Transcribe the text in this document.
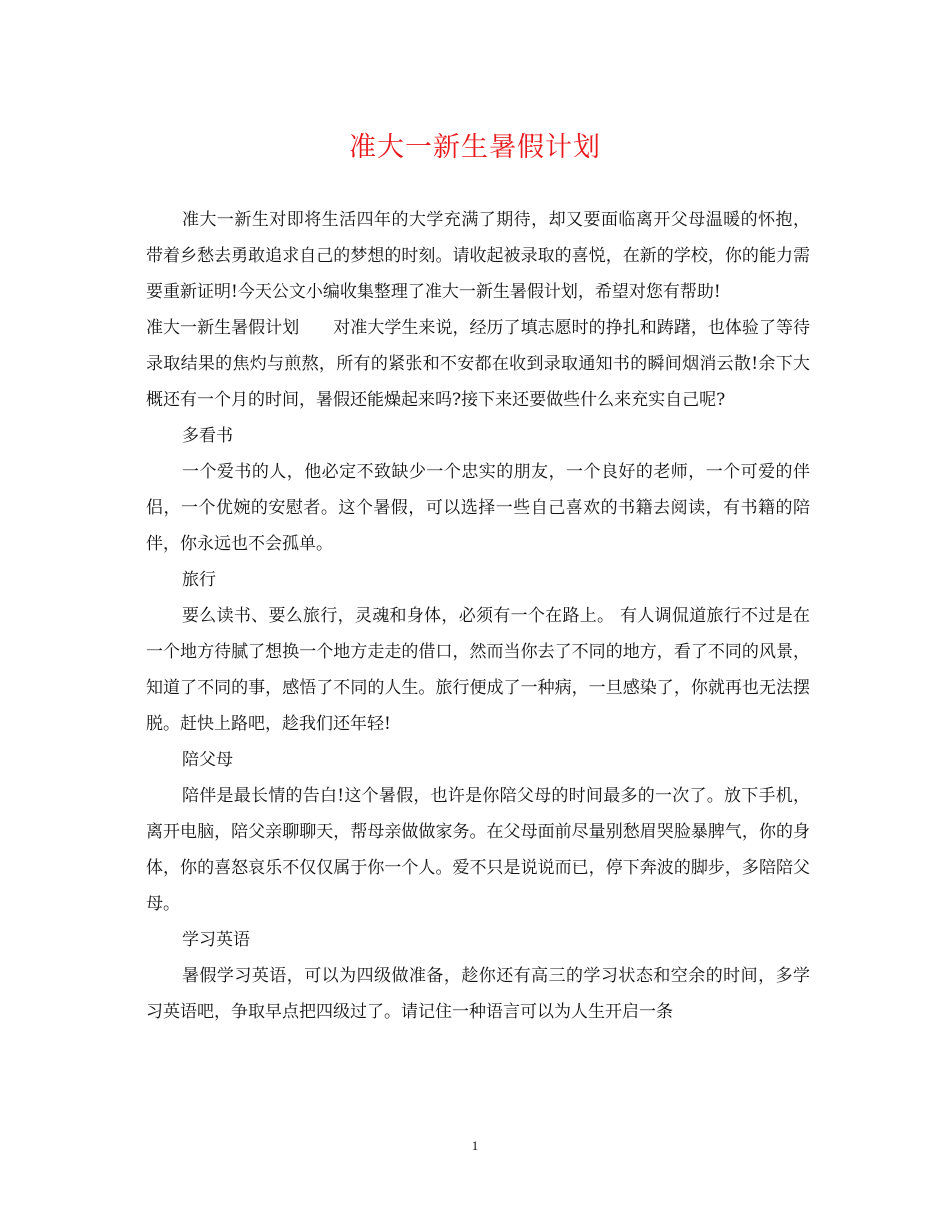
准大一新生暑假计划

准大一新生对即将生活四年的大学充满了期待，却又要面临离开父母温暖的怀抱，带着乡愁去勇敢追求自己的梦想的时刻。请收起被录取的喜悦，在新的学校，你的能力需要重新证明!今天公文小编收集整理了准大一新生暑假计划，希望对您有帮助!

准大一新生暑假计划　　对准大学生来说，经历了填志愿时的挣扎和踌躇，也体验了等待录取结果的焦灼与煎熬，所有的紧张和不安都在收到录取通知书的瞬间烟消云散!余下大概还有一个月的时间，暑假还能燥起来吗?接下来还要做些什么来充实自己呢?

多看书

一个爱书的人，他必定不致缺少一个忠实的朋友，一个良好的老师，一个可爱的伴侣，一个优婉的安慰者。这个暑假，可以选择一些自己喜欢的书籍去阅读，有书籍的陪伴，你永远也不会孤单。

旅行

要么读书、要么旅行，灵魂和身体，必须有一个在路上。 有人调侃道旅行不过是在一个地方待腻了想换一个地方走走的借口，然而当你去了不同的地方，看了不同的风景，知道了不同的事，感悟了不同的人生。旅行便成了一种病，一旦感染了，你就再也无法摆脱。赶快上路吧，趁我们还年轻!

陪父母

陪伴是最长情的告白!这个暑假，也许是你陪父母的时间最多的一次了。放下手机，离开电脑，陪父亲聊聊天，帮母亲做做家务。在父母面前尽量别愁眉哭脸暴脾气，你的身体，你的喜怒哀乐不仅仅属于你一个人。爱不只是说说而已，停下奔波的脚步，多陪陪父母。

学习英语

暑假学习英语，可以为四级做准备，趁你还有高三的学习状态和空余的时间，多学习英语吧，争取早点把四级过了。请记住一种语言可以为人生开启一条

1
